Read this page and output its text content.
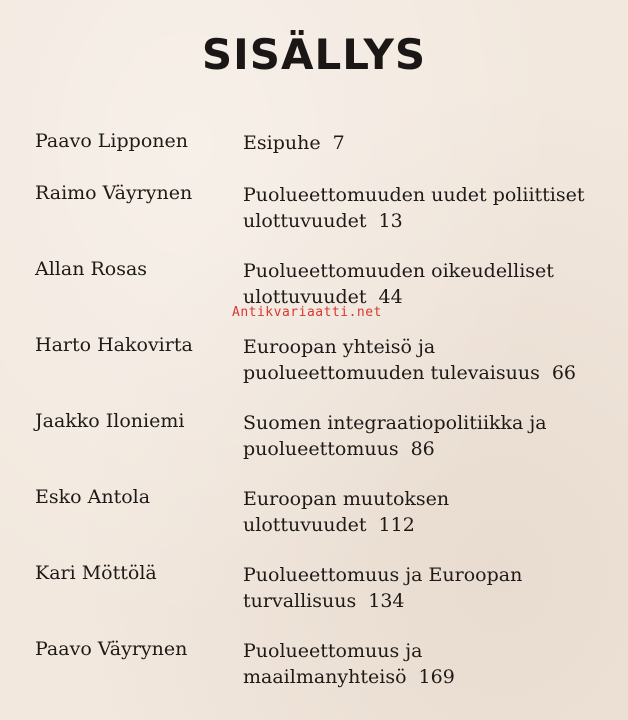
SISÄLLYS
Paavo Lipponen	Esipuhe 7
Raimo Väyrynen	Puolueettomuuden uudet poliittiset
ulottuvuudet 13
Allan Rosas	Puolueettomuuden oikeudelliset
ulottuvuudet 44
Harto Hakovirta	Euroopan yhteisö ja
puolueettomuuden tulevaisuus 66
Jaakko Iloniemi	Suomen integraatiopolitiikka ja
puolueettomuus 86
Esko Antola	Euroopan muutoksen
ulottuvuudet 112
Kari Möttölä	Puolueettomuus ja Euroopan
turvallisuus 134
Paavo Väyrynen	Puolueettomuus ja
maailmanyhteisö 169
Antikvariaatti.net
